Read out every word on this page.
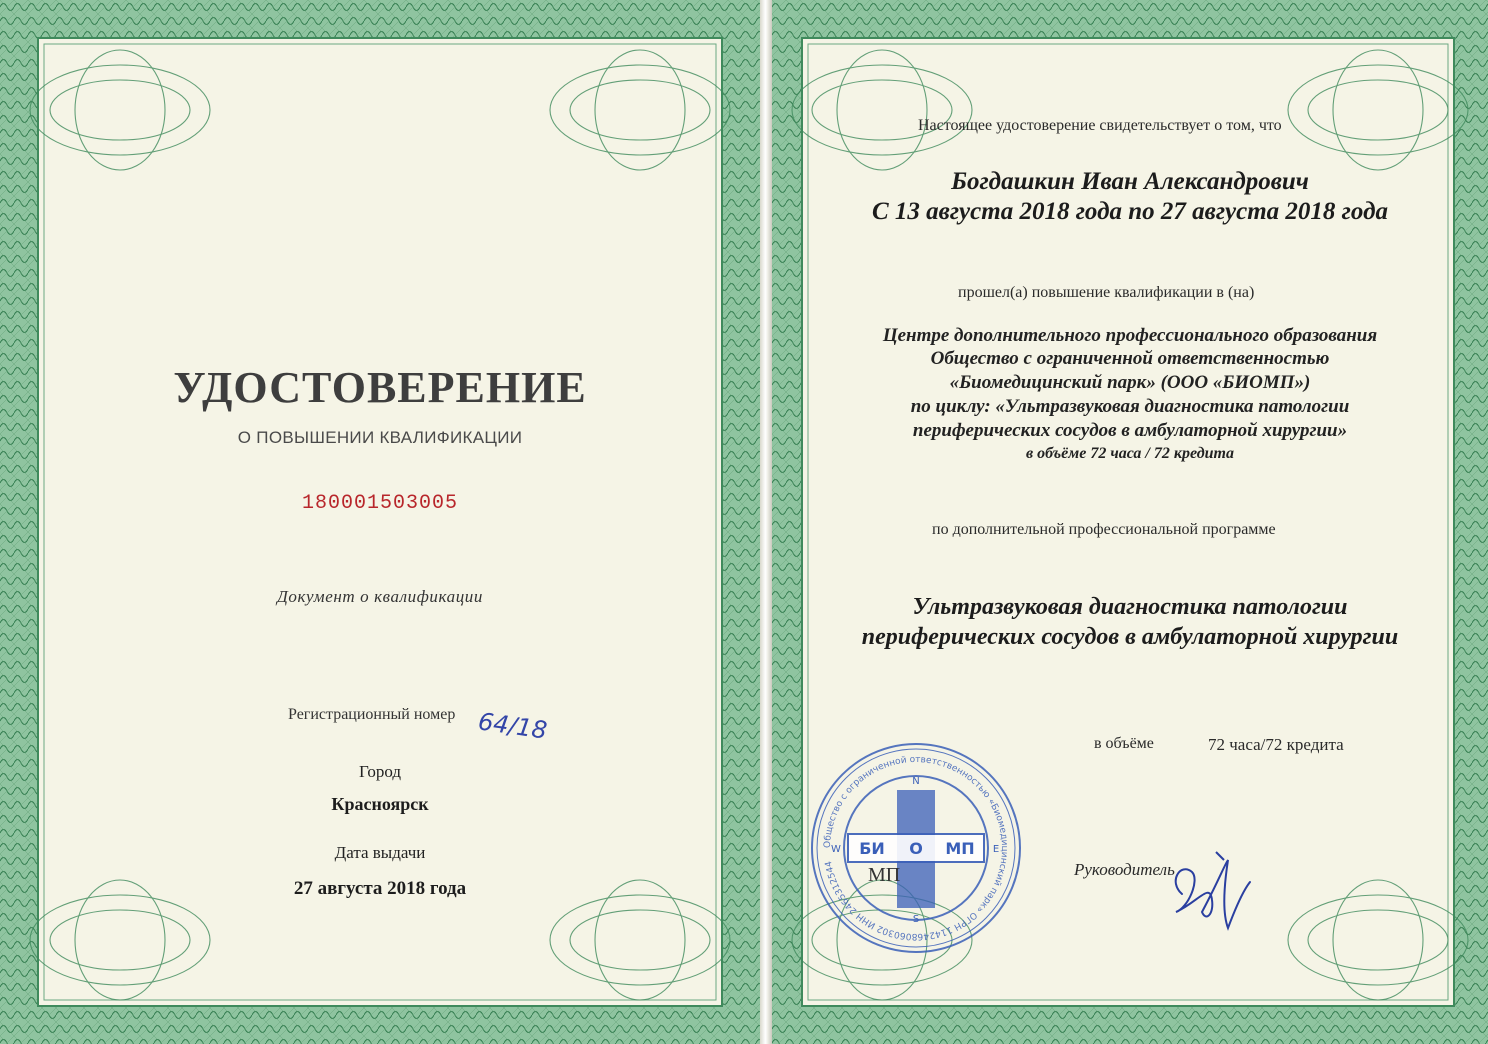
УДОСТОВЕРЕНИЕ
О ПОВЫШЕНИИ КВАЛИФИКАЦИИ
180001503005
Документ о квалификации
Регистрационный номер 64/18
Город
Красноярск
Дата выдачи
27 августа 2018 года
Настоящее удостоверение свидетельствует о том, что
Богдашкин Иван Александрович
С 13 августа 2018 года по 27 августа 2018 года
прошел(а) повышение квалификации в (на)
Центре дополнительного профессионального образования
Общество с ограниченной ответственностью
«Биомедицинский парк» (ООО «БИОМП»)
по циклу: «Ультразвуковая диагностика патологии
периферических сосудов в амбулаторной хирургии»
в объёме 72 часа / 72 кредита
по дополнительной профессиональной программе
Ультразвуковая диагностика патологии
периферических сосудов в амбулаторной хирургии
в объёме	72 часа/72 кредита
Общество с ограниченной ответственностью «Биомедицинский парк» ОГРН 1142468060302 ИНН 2465312544
БИ О МП
N
S
W	E
МП	Руководитель
